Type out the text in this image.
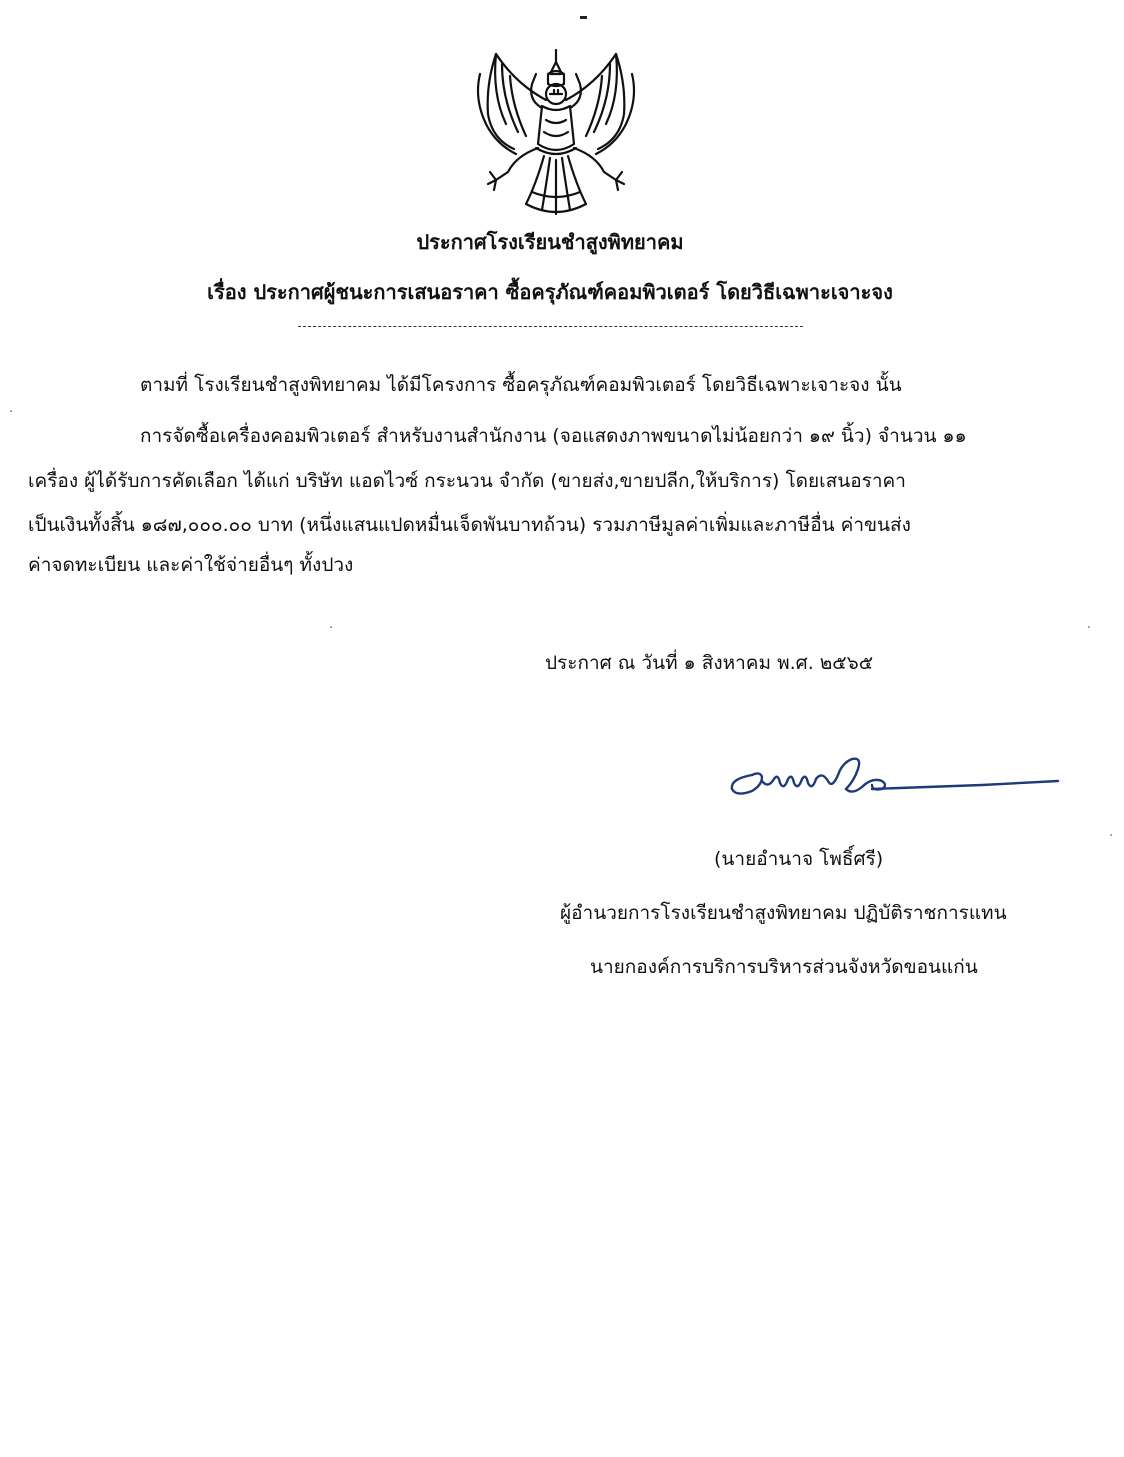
ประกาศโรงเรียนชำสูงพิทยาคม
เรื่อง ประกาศผู้ชนะการเสนอราคา ซื้อครุภัณฑ์คอมพิวเตอร์ โดยวิธีเฉพาะเจาะจง
ตามที่ โรงเรียนชำสูงพิทยาคม ได้มีโครงการ ซื้อครุภัณฑ์คอมพิวเตอร์ โดยวิธีเฉพาะเจาะจง นั้น
การจัดซื้อเครื่องคอมพิวเตอร์ สำหรับงานสำนักงาน (จอแสดงภาพขนาดไม่น้อยกว่า ๑๙ นิ้ว) จำนวน ๑๑
เครื่อง ผู้ได้รับการคัดเลือก ได้แก่ บริษัท แอดไวซ์ กระนวน จำกัด (ขายส่ง,ขายปลีก,ให้บริการ) โดยเสนอราคา
เป็นเงินทั้งสิ้น ๑๘๗,๐๐๐.๐๐ บาท (หนึ่งแสนแปดหมื่นเจ็ดพันบาทถ้วน) รวมภาษีมูลค่าเพิ่มและภาษีอื่น ค่าขนส่ง
ค่าจดทะเบียน และค่าใช้จ่ายอื่นๆ ทั้งปวง
ประกาศ ณ วันที่ ๑ สิงหาคม พ.ศ. ๒๕๖๕
(นายอำนาจ โพธิ์ศรี)
ผู้อำนวยการโรงเรียนชำสูงพิทยาคม ปฏิบัติราชการแทน
นายกองค์การบริการบริหารส่วนจังหวัดขอนแก่น
